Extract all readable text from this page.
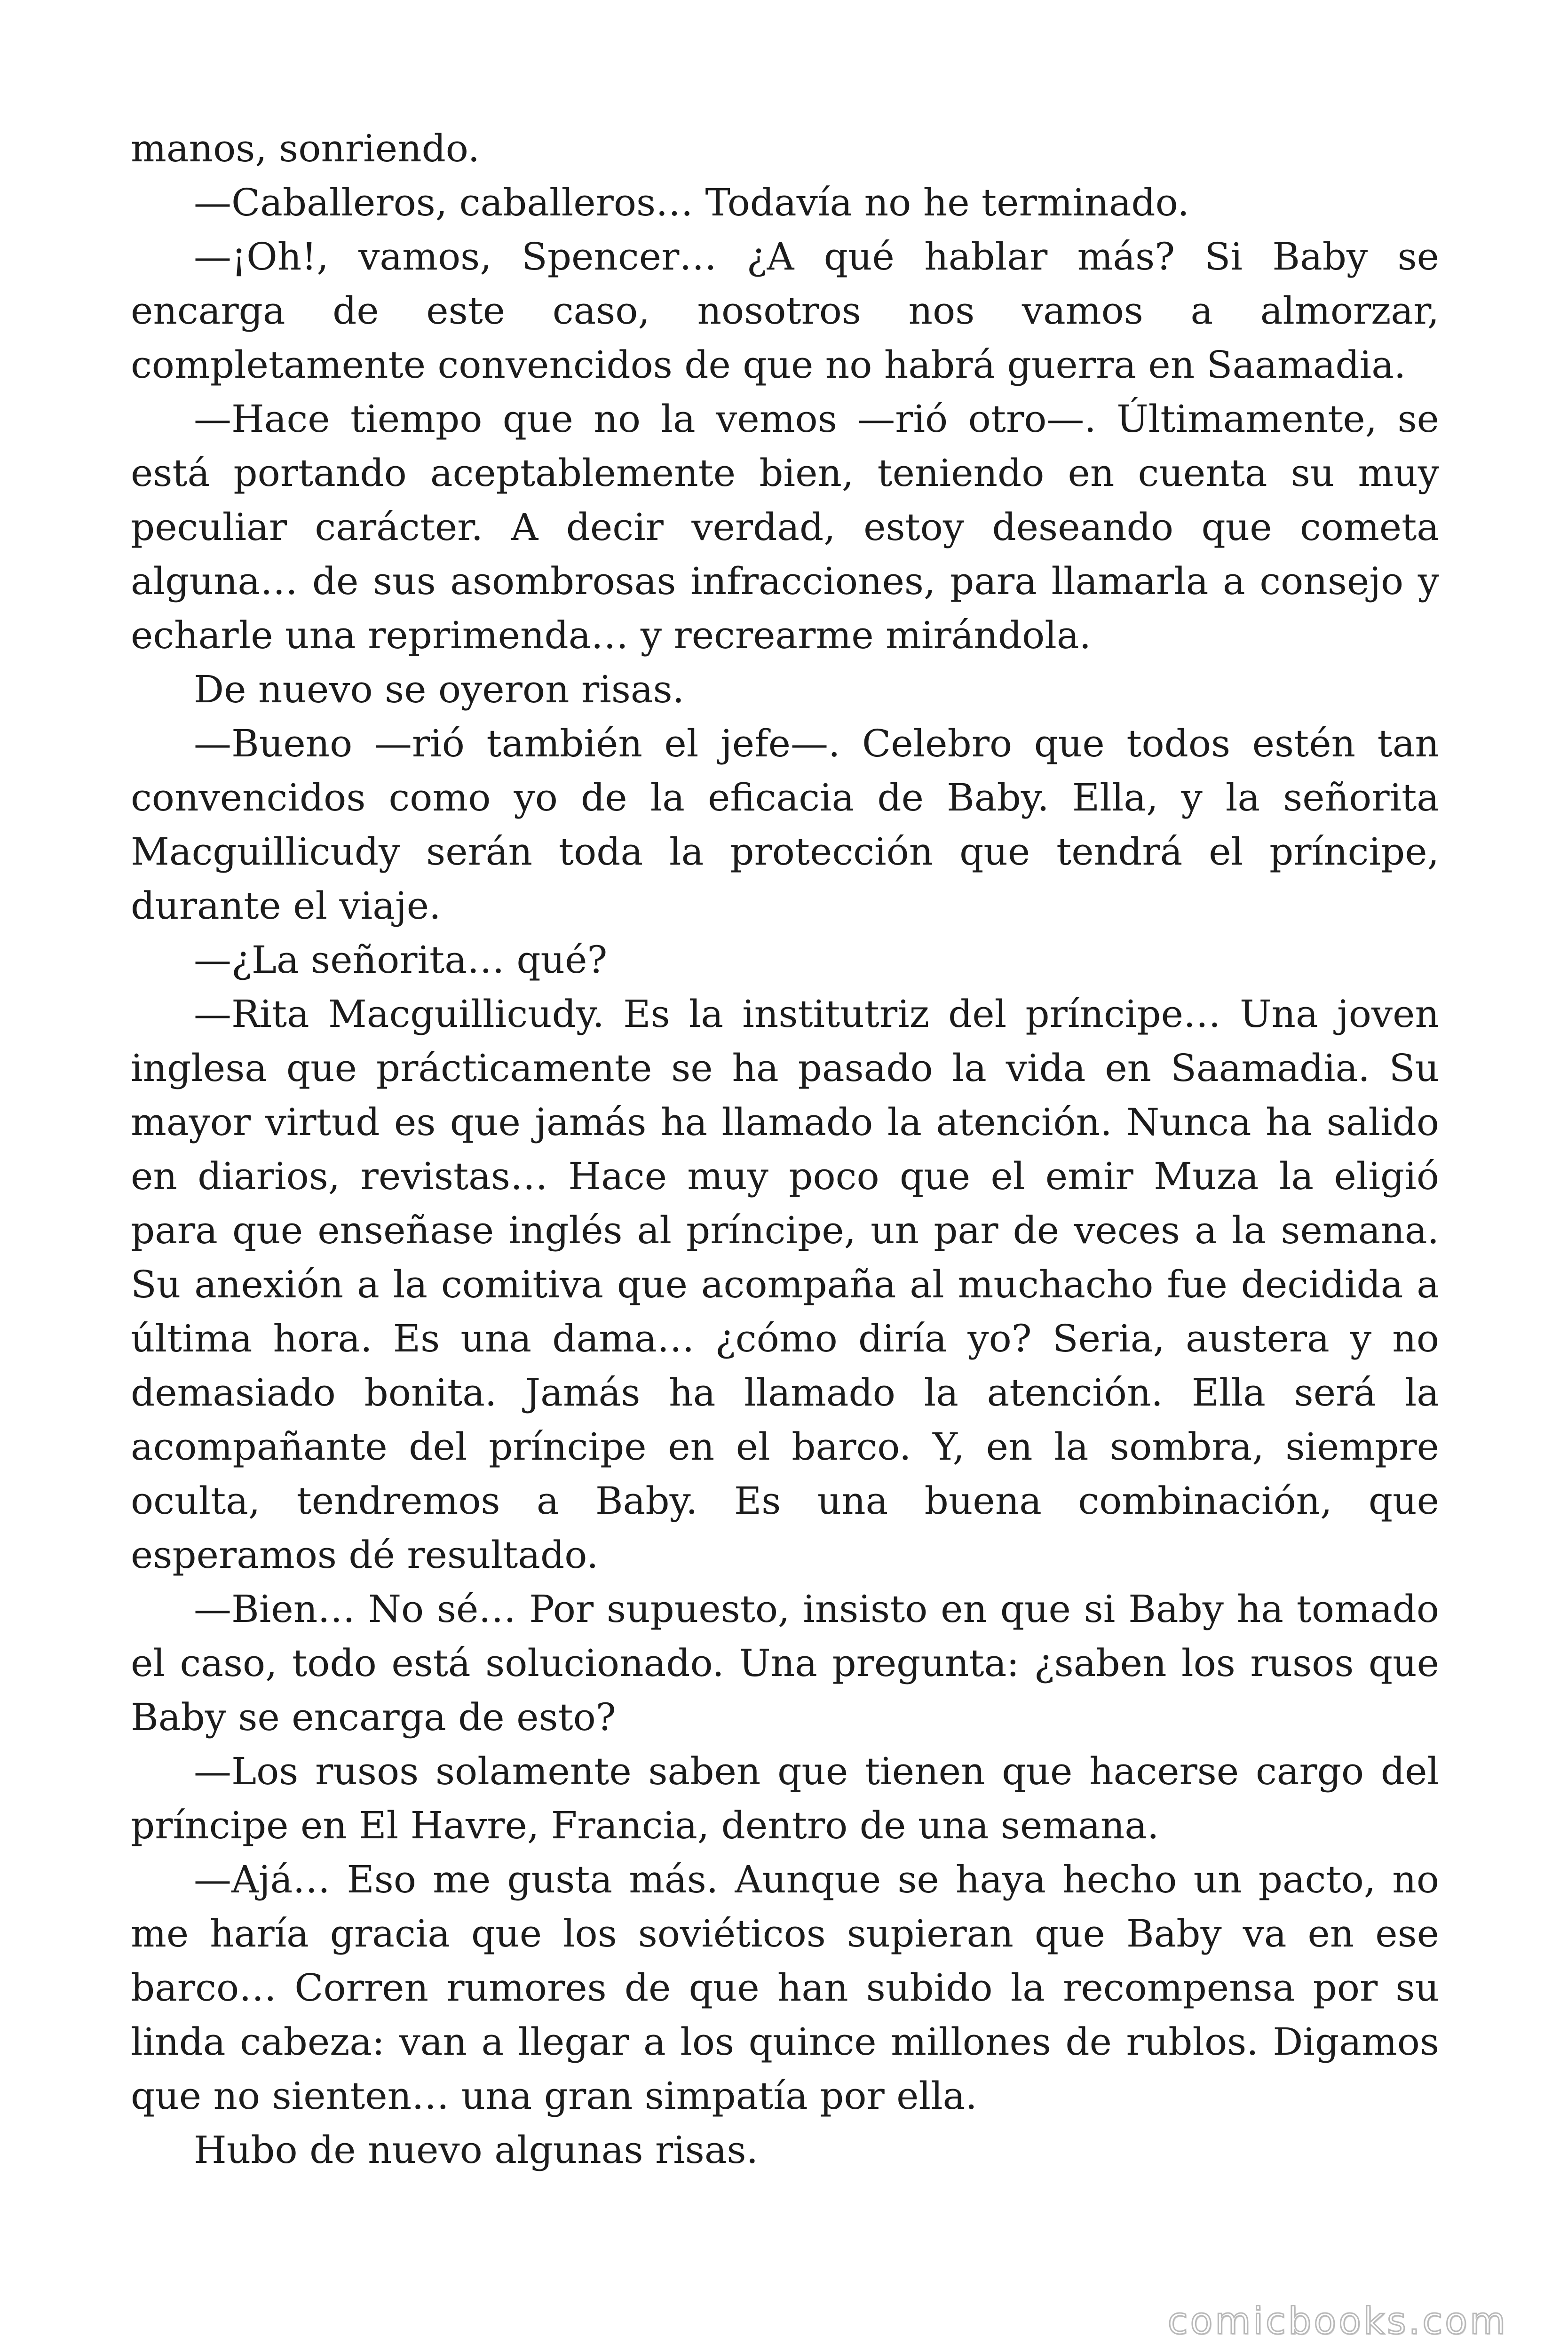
manos, sonriendo.

—Caballeros, caballeros… Todavía no he terminado.

—¡Oh!, vamos, Spencer… ¿A qué hablar más? Si Baby se encarga de este caso, nosotros nos vamos a almorzar, completamente convencidos de que no habrá guerra en Saamadia.

—Hace tiempo que no la vemos —rió otro—. Últimamente, se está portando aceptablemente bien, teniendo en cuenta su muy peculiar carácter. A decir verdad, estoy deseando que cometa alguna… de sus asombrosas infracciones, para llamarla a consejo y echarle una reprimenda… y recrearme mirándola.

De nuevo se oyeron risas.

—Bueno —rió también el jefe—. Celebro que todos estén tan convencidos como yo de la eficacia de Baby. Ella, y la señorita Macguillicudy serán toda la protección que tendrá el príncipe, durante el viaje.

—¿La señorita… qué?

—Rita Macguillicudy. Es la institutriz del príncipe… Una joven inglesa que prácticamente se ha pasado la vida en Saamadia. Su mayor virtud es que jamás ha llamado la atención. Nunca ha salido en diarios, revistas… Hace muy poco que el emir Muza la eligió para que enseñase inglés al príncipe, un par de veces a la semana. Su anexión a la comitiva que acompaña al muchacho fue decidida a última hora. Es una dama… ¿cómo diría yo? Seria, austera y no demasiado bonita. Jamás ha llamado la atención. Ella será la acompañante del príncipe en el barco. Y, en la sombra, siempre oculta, tendremos a Baby. Es una buena combinación, que esperamos dé resultado.

—Bien… No sé… Por supuesto, insisto en que si Baby ha tomado el caso, todo está solucionado. Una pregunta: ¿saben los rusos que Baby se encarga de esto?

—Los rusos solamente saben que tienen que hacerse cargo del príncipe en El Havre, Francia, dentro de una semana.

—Ajá… Eso me gusta más. Aunque se haya hecho un pacto, no me haría gracia que los soviéticos supieran que Baby va en ese barco… Corren rumores de que han subido la recompensa por su linda cabeza: van a llegar a los quince millones de rublos. Digamos que no sienten… una gran simpatía por ella.

Hubo de nuevo algunas risas.

comicbooks.com
